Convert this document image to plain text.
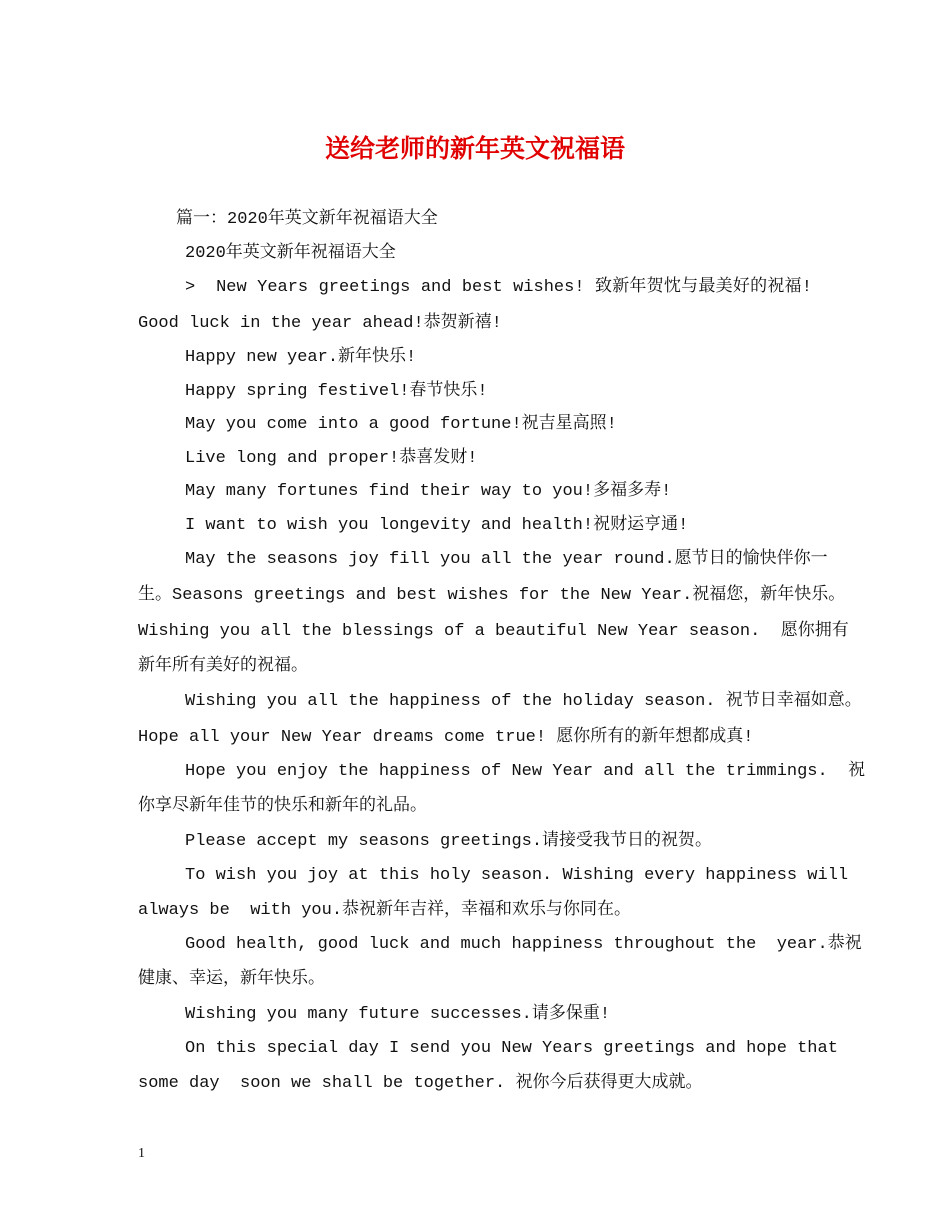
送给老师的新年英文祝福语
篇一：2020年英文新年祝福语大全
2020年英文新年祝福语大全
>  New Years greetings and best wishes! 致新年贺忱与最美好的祝福!
Good luck in the year ahead!恭贺新禧!
Happy new year.新年快乐!
Happy spring festivel!春节快乐!
May you come into a good fortune!祝吉星高照!
Live long and proper!恭喜发财!
May many fortunes find their way to you!多福多寿!
I want to wish you longevity and health!祝财运亨通!
May the seasons joy fill you all the year round.愿节日的愉快伴你一
生。Seasons greetings and best wishes for the New Year.祝福您，新年快乐。
Wishing you all the blessings of a beautiful New Year season.  愿你拥有
新年所有美好的祝福。
Wishing you all the happiness of the holiday season. 祝节日幸福如意。
Hope all your New Year dreams come true! 愿你所有的新年想都成真!
Hope you enjoy the happiness of New Year and all the trimmings.  祝
你享尽新年佳节的快乐和新年的礼品。
Please accept my seasons greetings.请接受我节日的祝贺。
To wish you joy at this holy season. Wishing every happiness will
always be  with you.恭祝新年吉祥，幸福和欢乐与你同在。
Good health, good luck and much happiness throughout the  year.恭祝
健康、幸运，新年快乐。
Wishing you many future successes.请多保重!
On this special day I send you New Years greetings and hope that
some day  soon we shall be together. 祝你今后获得更大成就。
1
